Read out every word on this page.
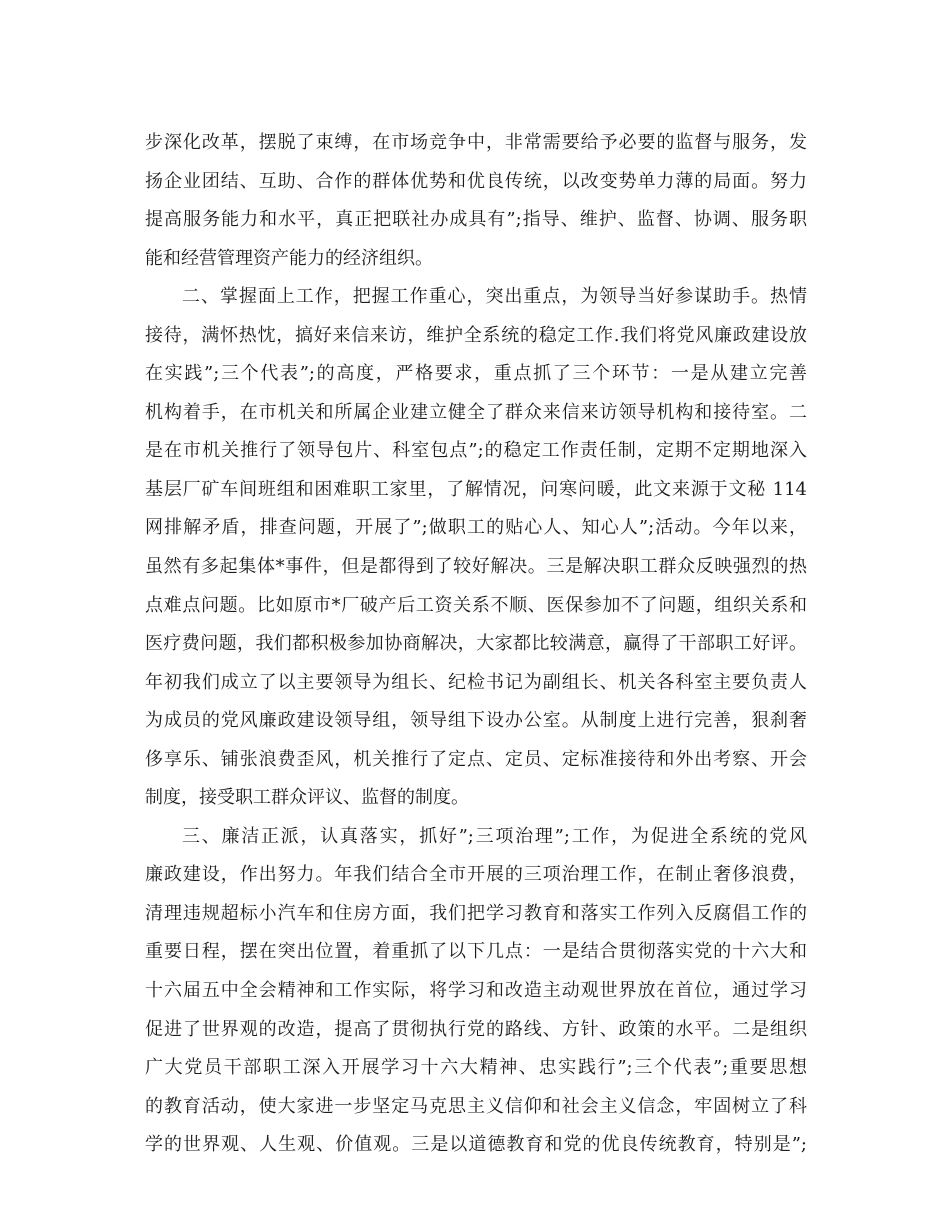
步深化改革，摆脱了束缚，在市场竞争中，非常需要给予必要的监督与服务，发
扬企业团结、互助、合作的群体优势和优良传统，以改变势单力薄的局面。努力
提高服务能力和水平，真正把联社办成具有”;指导、维护、监督、协调、服务职
能和经营管理资产能力的经济组织。
二、掌握面上工作，把握工作重心，突出重点，为领导当好参谋助手。热情
接待，满怀热忱，搞好来信来访，维护全系统的稳定工作.我们将党风廉政建设放
在实践”;三个代表”;的高度，严格要求，重点抓了三个环节：一是从建立完善
机构着手，在市机关和所属企业建立健全了群众来信来访领导机构和接待室。二
是在市机关推行了领导包片、科室包点”;的稳定工作责任制，定期不定期地深入
基层厂矿车间班组和困难职工家里，了解情况，问寒问暖，此文来源于文秘 114
网排解矛盾，排查问题，开展了”;做职工的贴心人、知心人”;活动。今年以来，
虽然有多起集体*事件，但是都得到了较好解决。三是解决职工群众反映强烈的热
点难点问题。比如原市*厂破产后工资关系不顺、医保参加不了问题，组织关系和
医疗费问题，我们都积极参加协商解决，大家都比较满意，赢得了干部职工好评。
年初我们成立了以主要领导为组长、纪检书记为副组长、机关各科室主要负责人
为成员的党风廉政建设领导组，领导组下设办公室。从制度上进行完善，狠刹奢
侈享乐、铺张浪费歪风，机关推行了定点、定员、定标准接待和外出考察、开会
制度，接受职工群众评议、监督的制度。
三、廉洁正派，认真落实，抓好”;三项治理”;工作，为促进全系统的党风
廉政建设，作出努力。年我们结合全市开展的三项治理工作，在制止奢侈浪费，
清理违规超标小汽车和住房方面，我们把学习教育和落实工作列入反腐倡工作的
重要日程，摆在突出位置，着重抓了以下几点：一是结合贯彻落实党的十六大和
十六届五中全会精神和工作实际，将学习和改造主动观世界放在首位，通过学习
促进了世界观的改造，提高了贯彻执行党的路线、方针、政策的水平。二是组织
广大党员干部职工深入开展学习十六大精神、忠实践行”;三个代表”;重要思想
的教育活动，使大家进一步坚定马克思主义信仰和社会主义信念，牢固树立了科
学的世界观、人生观、价值观。三是以道德教育和党的优良传统教育，特别是”;
